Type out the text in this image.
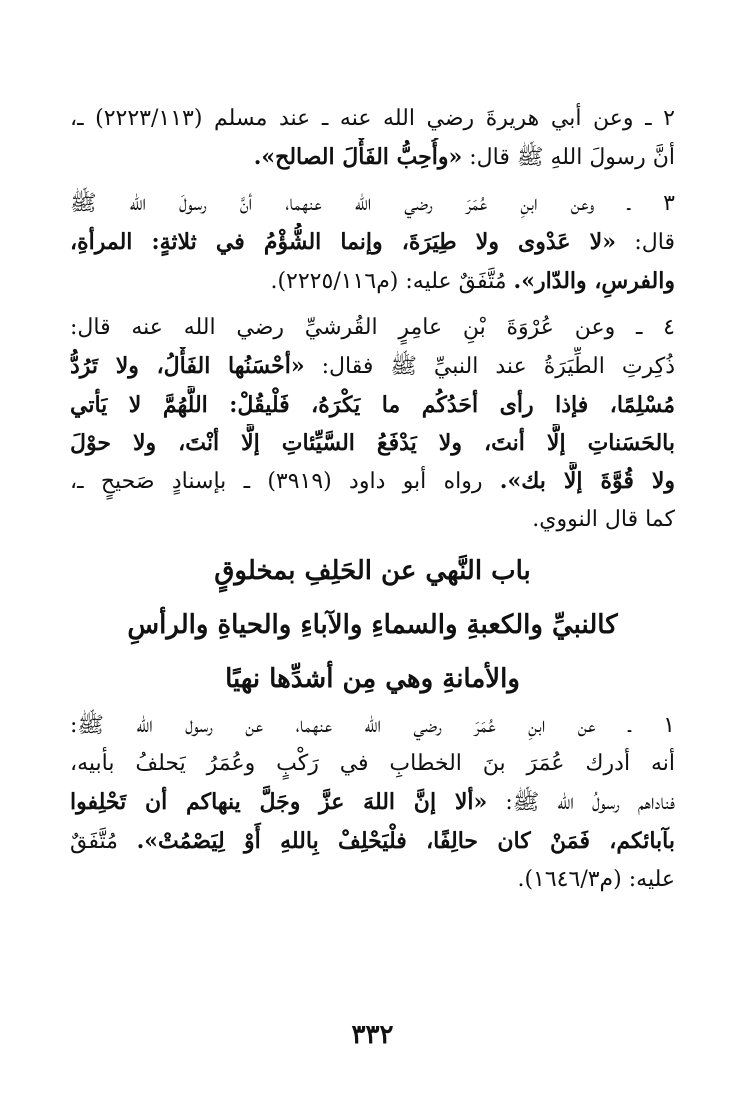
٢ ـ وعن أبي هريرةَ رضي الله عنه ـ عند مسلم (٢٢٢٣/١١٣) ـ،
أنَّ رسولَ اللهِ ﷺ قال: «وأُحِبُّ الفَأْلَ الصالح».
٣ ـ وعن ابنِ عُمَرَ رضي الله عنهما، أنَّ رسولَ الله ﷺ
قال: «لا عَدْوى ولا طِيَرَةَ، وإنما الشُّؤْمُ في ثلاثةٍ: المرأةِ،
والفرسِ، والدّار». مُتَّفَقٌ عليه: (م٢٢٢٥/١١٦).
٤ ـ وعن عُرْوَةَ بْنِ عامِرٍ القُرشيِّ رضي الله عنه قال:
ذُكِرتِ الطِّيَرَةُ عند النبيِّ ﷺ فقال: «أحْسَنُها الفَأْلُ، ولا تَرُدُّ
مُسْلِمًا، فإذا رأى أحَدُكُم ما يَكْرَهُ، فَلْيقُلْ: اللَّهُمَّ لا يَأتي
بالحَسَناتِ إلَّا أنتَ، ولا يَدْفَعُ السَّيِّئاتِ إلَّا أنْتَ، ولا حوْلَ
ولا قُوَّةَ إلَّا بك». رواه أبو داود (٣٩١٩) ـ بإسنادٍ صَحيحٍ ـ،
كما قال النووي.
باب النَّهي عن الحَلِفِ بمخلوقٍ
كالنبيِّ والكعبةِ والسماءِ والآباءِ والحياةِ والرأسِ
والأمانةِ وهي مِن أشدِّها نهيًا
١ ـ عن ابنِ عُمَرَ رضي الله عنهما، عن رسول الله ﷺ:
أنه أدرك عُمَرَ بنَ الخطابِ في رَكْبٍ وعُمَرُ يَحلفُ بأبيه،
فناداهم رسولُ الله ﷺ: «ألا إنَّ اللهَ عزَّ وجَلَّ ينهاكم أن تَحْلِفوا
بآبائكم، فَمَنْ كان حالِفًا، فلْيَحْلِفْ بِاللهِ أَوْ لِيَصْمُتْ». مُتَّفَقٌ
عليه: (م١٦٤٦/٣).
٣٣٢
